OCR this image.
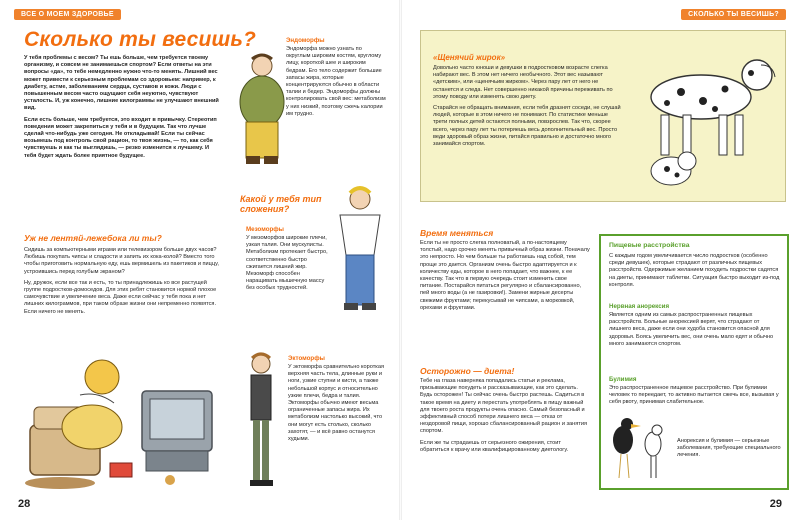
ВСЕ О МОЕМ ЗДОРОВЬЕ
Сколько ты весишь?

У тебя проблемы с весом? Ты ешь больше, чем требуется твоему организму, и совсем не занимаешься спортом? Если ответы на эти вопросы «да», то тебе немедленно нужно что-то менять. Лишний вес может привести к серьезным проблемам со здоровьем: например, к диабету, астме, заболеваниям сердца, суставов и кожи. Люди с повышенным весом часто ощущают себя неуютно, чувствуют усталость. И, уж конечно, лишние килограммы не улучшают внешний вид.

Если есть больше, чем требуется, это входит в привычку. Стереотип поведения может закрепиться у тебя и в будущем. Так что лучше сделай что-нибудь уже сегодня. Не откладывай! Если ты сейчас возьмешь под контроль свой рацион, то твоя жизнь, — то, как себя чувствуешь и как ты выглядишь, — резко изменится к лучшему. И тебя будет ждать более приятное будущее.

Уж не лентяй-лежебока ли ты?

Сидишь за компьютерными играми или телевизором больше двух часов? Любишь покупать чипсы и сладости и запить их кока-колой? Вместо того чтобы приготовить нормальную еду, ешь вермишель из пакетиков и пиццу, устроившись перед голубым экраном?

Ну, дружок, если все так и есть, то ты принадлежишь ко все растущей группе подростков-домоседов. Для этих ребят становится нормой плохое самочувствие и увеличение веса. Даже если сейчас у тебя пока и нет лишних килограммов, при таком образе жизни они непременно появятся. Если ничего не менять.

Эндоморфы
Эндоморфа можно узнать по округлым широким костям, круглому лицу, короткой шее и широким бедрам. Его тело содержит большие запасы жира, которые концентрируются обычно в области талии и бедер. Эндоморфы должны контролировать свой вес: метаболизм у них низкий, поэтому сжечь калории им трудно.
Какой у тебя тип сложения?
Мезоморфы
У мезоморфов широкие плечи, узкая талия. Они мускулисты. Метаболизм протекает быстро, соответственно быстро сжигается лишний жир. Мезоморф способен наращивать мышечную массу без особых трудностей.
Эктоморфы
У эктоморфа сравнительно короткая верхняя часть тела, длинные руки и ноги, узкие ступни и кисти, а также небольшой корпус и относительно узкие плечи, бедра и талия. Эктоморфы обычно имеют весьма ограниченные запасы жира. Их метаболизм настолько высокий, что они могут есть столько, сколько захотят, — и всё равно останутся худыми.
28
СКОЛЬКО ТЫ ВЕСИШЬ?
«Щенячий жирок»

Довольно часто юноши и девушки в подростковом возрасте слегка набирают вес. В этом нет ничего необычного. Этот вес называют «детским», или «щенячьим жирком». Через пару лет от него не останется и следа. Нет совершенно никакой причины переживать по этому поводу или изменять свою диету.

Старайся не обращать внимания, если тебя дразнят соседи, не слушай людей, которые в этом ничего не понимают. По статистике меньше трети полных детей остаются полными, повзрослев. Так что, скорее всего, через пару лет ты потеряешь весь дополнительный вес. Просто веди здоровый образ жизни, питайся правильно и достаточно много занимайся спортом.

Время меняться
Если ты не просто слегка полноватый, а по-настоящему толстый, надо срочно менять привычный образ жизни. Поначалу это непросто. Но чем больше ты работаешь над собой, тем проще это дается. Организм очень быстро адаптируется и к количеству еды, которое в него попадает, что важнее, к ее качеству. Так что в первую очередь стоит изменить свое питание. Постарайся питаться регулярно и сбалансированно, пей много воды (а не газировки!). Замени жирные десерты свежими фруктами; перекусывай не чипсами, а морковкой, орехами и фруктами.
Осторожно — диета!

Тебе на глаза наверняка попадались статьи и реклама, призывающие похудеть и рассказывающие, как это сделать. Будь осторожен! Ты сейчас очень быстро растешь. Садиться в такое время на диету и перестать употреблять в пищу важный для твоего роста продукты очень опасно. Самый безопасный и эффективный способ потери лишнего веса — отказ от нездоровой пищи, хорошо сбалансированный рацион и занятия спортом.

Если же ты страдаешь от серьезного ожирения, стоит обратиться к врачу или квалифицированному диетологу.

Пищевые расстройства
С каждым годом увеличивается число подростков (особенно среди девушек), которые страдают от различных пищевых расстройств. Одержимые желанием похудеть подростки садятся на диеты, принимают таблетки. Ситуация быстро выходит из-под контроля.
Нервная анорексия
Является одним из самых распространенных пищевых расстройств. Больные анорексией верят, что страдают от лишнего веса, даже если они худоба становится опасной для здоровья. Боясь увеличить вес, они очень мало едят и обычно много занимаются спортом.
Булимия
Это распространенное пищевое расстройство. При булимии человек то переедает, то активно пытается сжечь все, вызывая у себя рвоту, принимая слабительное.
Анорексия и булимия — серьезные заболевания, требующие специального лечения.
29
